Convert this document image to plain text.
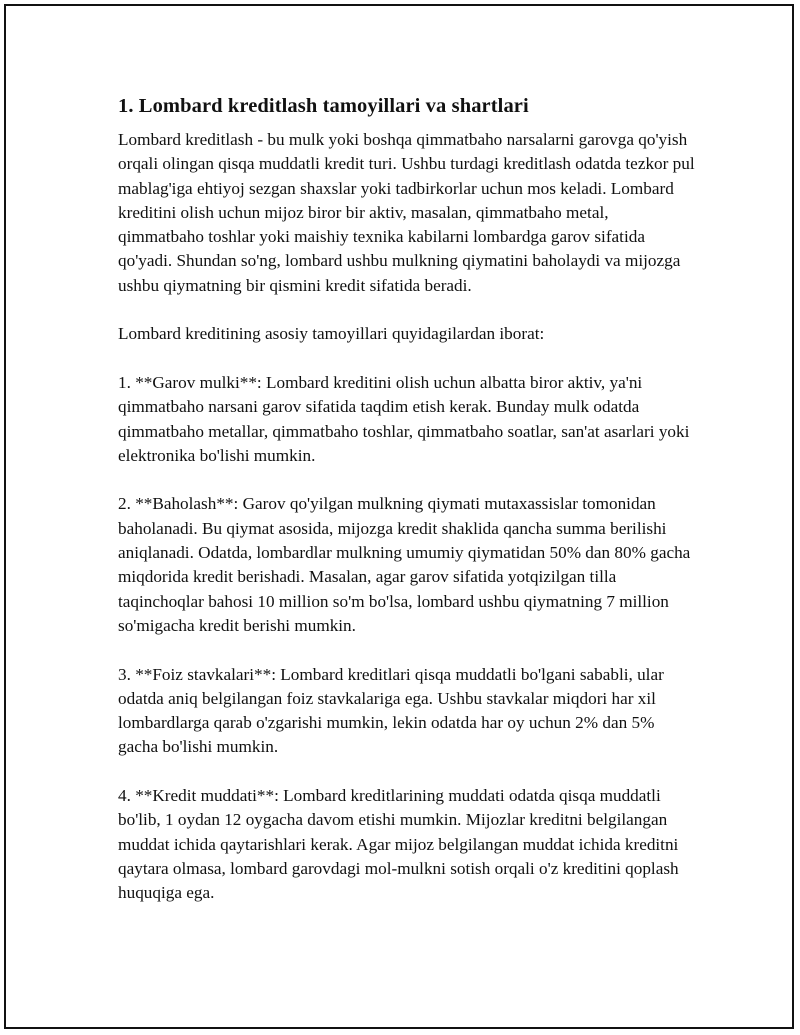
1. Lombard kreditlash tamoyillari va shartlari

Lombard kreditlash - bu mulk yoki boshqa qimmatbaho narsalarni garovga qo'yish orqali olingan qisqa muddatli kredit turi. Ushbu turdagi kreditlash odatda tezkor pul mablag'iga ehtiyoj sezgan shaxslar yoki tadbirkorlar uchun mos keladi. Lombard kreditini olish uchun mijoz biror bir aktiv, masalan, qimmatbaho metal, qimmatbaho toshlar yoki maishiy texnika kabilarni lombardga garov sifatida qo'yadi. Shundan so'ng, lombard ushbu mulkning qiymatini baholaydi va mijozga ushbu qiymatning bir qismini kredit sifatida beradi.

Lombard kreditining asosiy tamoyillari quyidagilardan iborat:

1. **Garov mulki**: Lombard kreditini olish uchun albatta biror aktiv, ya'ni qimmatbaho narsani garov sifatida taqdim etish kerak. Bunday mulk odatda qimmatbaho metallar, qimmatbaho toshlar, qimmatbaho soatlar, san'at asarlari yoki elektronika bo'lishi mumkin.

2. **Baholash**: Garov qo'yilgan mulkning qiymati mutaxassislar tomonidan baholanadi. Bu qiymat asosida, mijozga kredit shaklida qancha summa berilishi aniqlanadi. Odatda, lombardlar mulkning umumiy qiymatidan 50% dan 80% gacha miqdorida kredit berishadi. Masalan, agar garov sifatida yotqizilgan tilla taqinchoqlar bahosi 10 million so'm bo'lsa, lombard ushbu qiymatning 7 million so'migacha kredit berishi mumkin.

3. **Foiz stavkalari**: Lombard kreditlari qisqa muddatli bo'lgani sababli, ular odatda aniq belgilangan foiz stavkalariga ega. Ushbu stavkalar miqdori har xil lombardlarga qarab o'zgarishi mumkin, lekin odatda har oy uchun 2% dan 5% gacha bo'lishi mumkin.

4. **Kredit muddati**: Lombard kreditlarining muddati odatda qisqa muddatli bo'lib, 1 oydan 12 oygacha davom etishi mumkin. Mijozlar kreditni belgilangan muddat ichida qaytarishlari kerak. Agar mijoz belgilangan muddat ichida kreditni qaytara olmasa, lombard garovdagi mol-mulkni sotish orqali o'z kreditini qoplash huquqiga ega.
